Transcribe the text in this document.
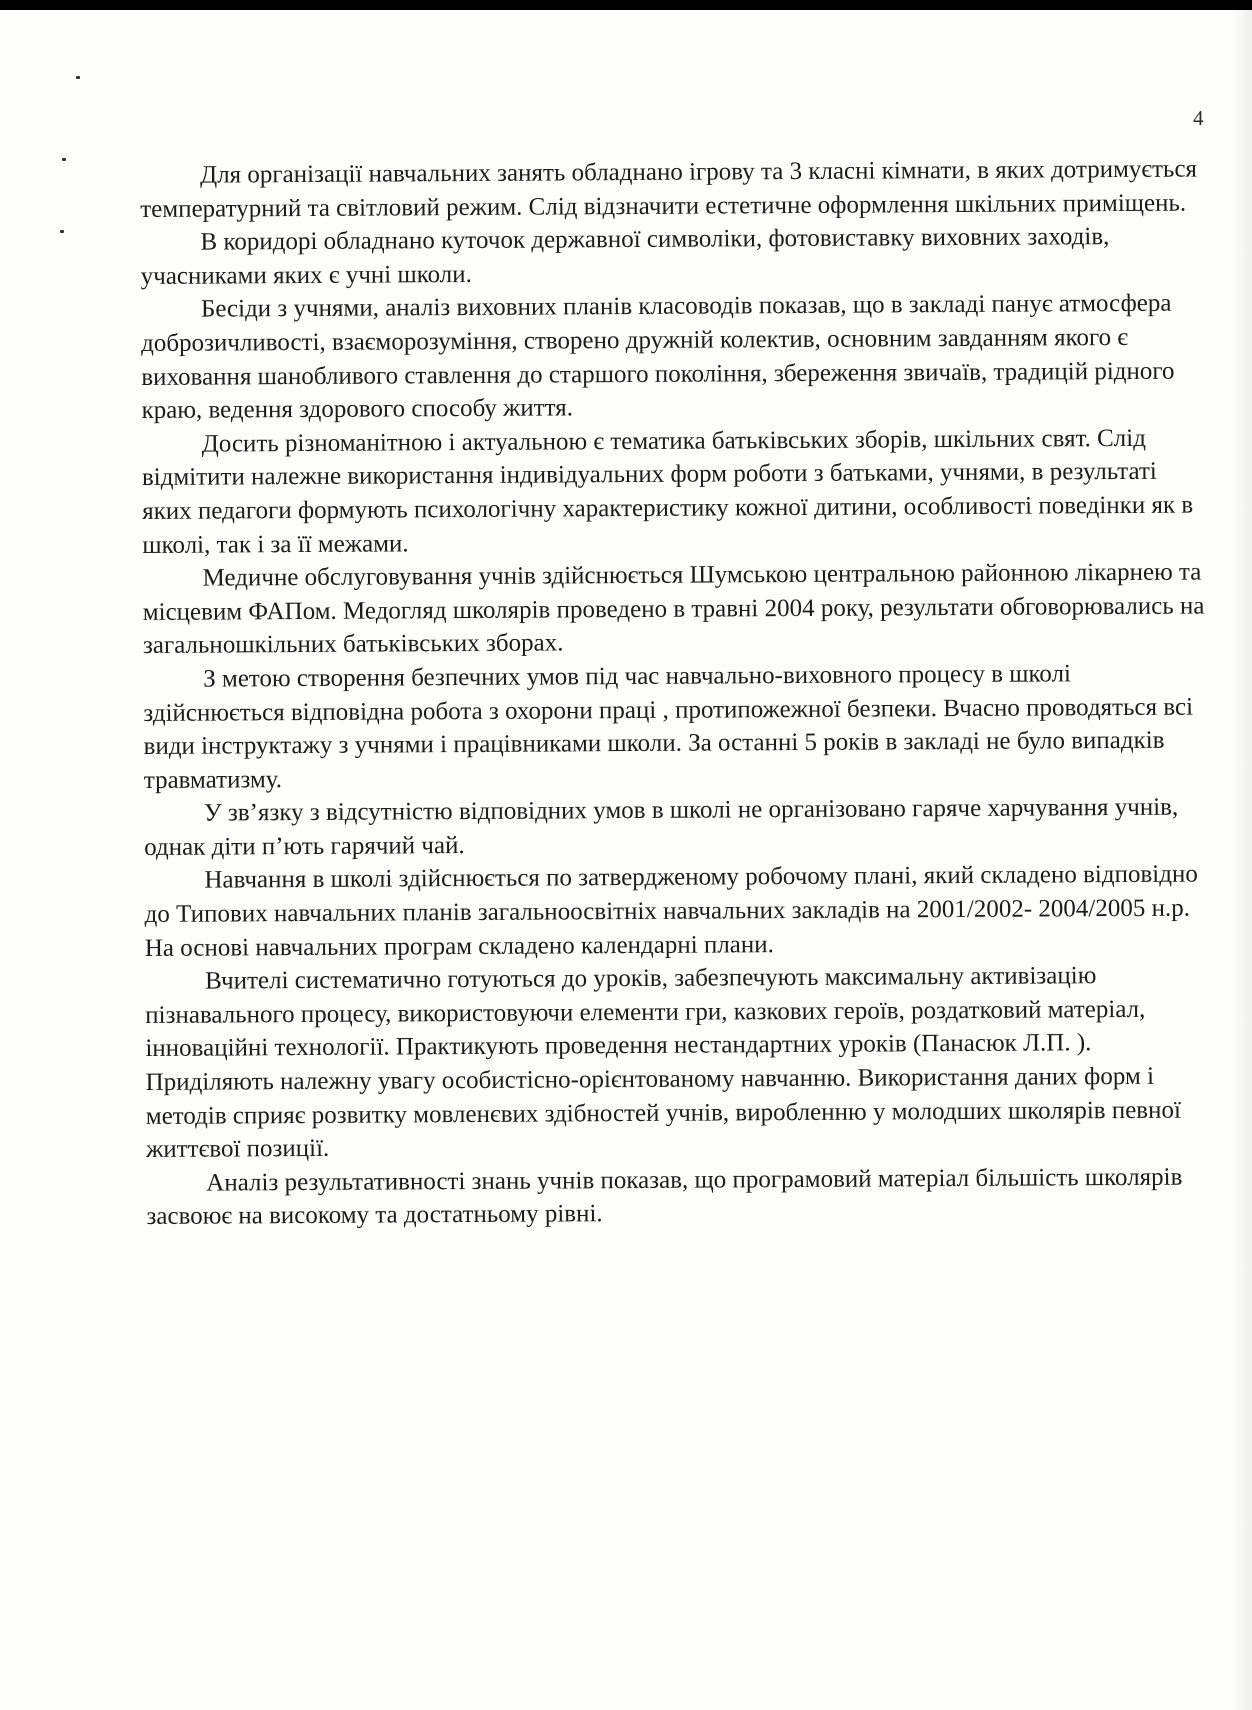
4

Для організації навчальних занять обладнано ігрову та 3 класні кімнати, в яких дотримується температурний та світловий режим. Слід відзначити естетичне оформлення шкільних приміщень.

В коридорі обладнано куточок державної символіки, фотовиставку виховних заходів, учасниками яких є учні школи.

Бесіди з учнями, аналіз виховних планів класоводів показав, що в закладі панує атмосфера доброзичливості, взаєморозуміння, створено дружній колектив, основним завданням якого є виховання шанобливого ставлення до старшого покоління, збереження звичаїв, традицій рідного краю, ведення здорового способу життя.

Досить різноманітною і актуальною є тематика батьківських зборів, шкільних свят. Слід відмітити належне використання індивідуальних форм роботи з батьками, учнями, в результаті яких педагоги формують психологічну характеристику кожної дитини, особливості поведінки як в школі, так і за її межами.

Медичне обслуговування учнів здійснюється Шумською центральною районною лікарнею та місцевим ФАПом. Медогляд школярів проведено в травні 2004 року, результати обговорювались на загальношкільних батьківських зборах.

З метою створення безпечних умов під час навчально-виховного процесу в школі здійснюється відповідна робота з охорони праці , протипожежної безпеки. Вчасно проводяться всі види інструктажу з учнями і працівниками школи. За останні 5 років в закладі не було випадків травматизму.

У зв’язку з відсутністю відповідних умов в школі не організовано гаряче харчування учнів, однак діти п’ють гарячий чай.

Навчання в школі здійснюється по затвердженому робочому плані, який складено відповідно до Типових навчальних планів загальноосвітніх навчальних закладів на 2001/2002- 2004/2005 н.р. На основі навчальних програм складено календарні плани.

Вчителі систематично готуються до уроків, забезпечують максимальну активізацію пізнавального процесу, використовуючи елементи гри, казкових героїв, роздатковий матеріал, інноваційні технології. Практикують проведення нестандартних уроків (Панасюк Л.П. ). Приділяють належну увагу особистісно-орієнтованому навчанню. Використання даних форм і методів сприяє розвитку мовленєвих здібностей учнів, виробленню у молодших школярів певної життєвої позиції.

Аналіз результативності знань учнів показав, що програмовий матеріал більшість школярів засвоює на високому та достатньому рівні.
